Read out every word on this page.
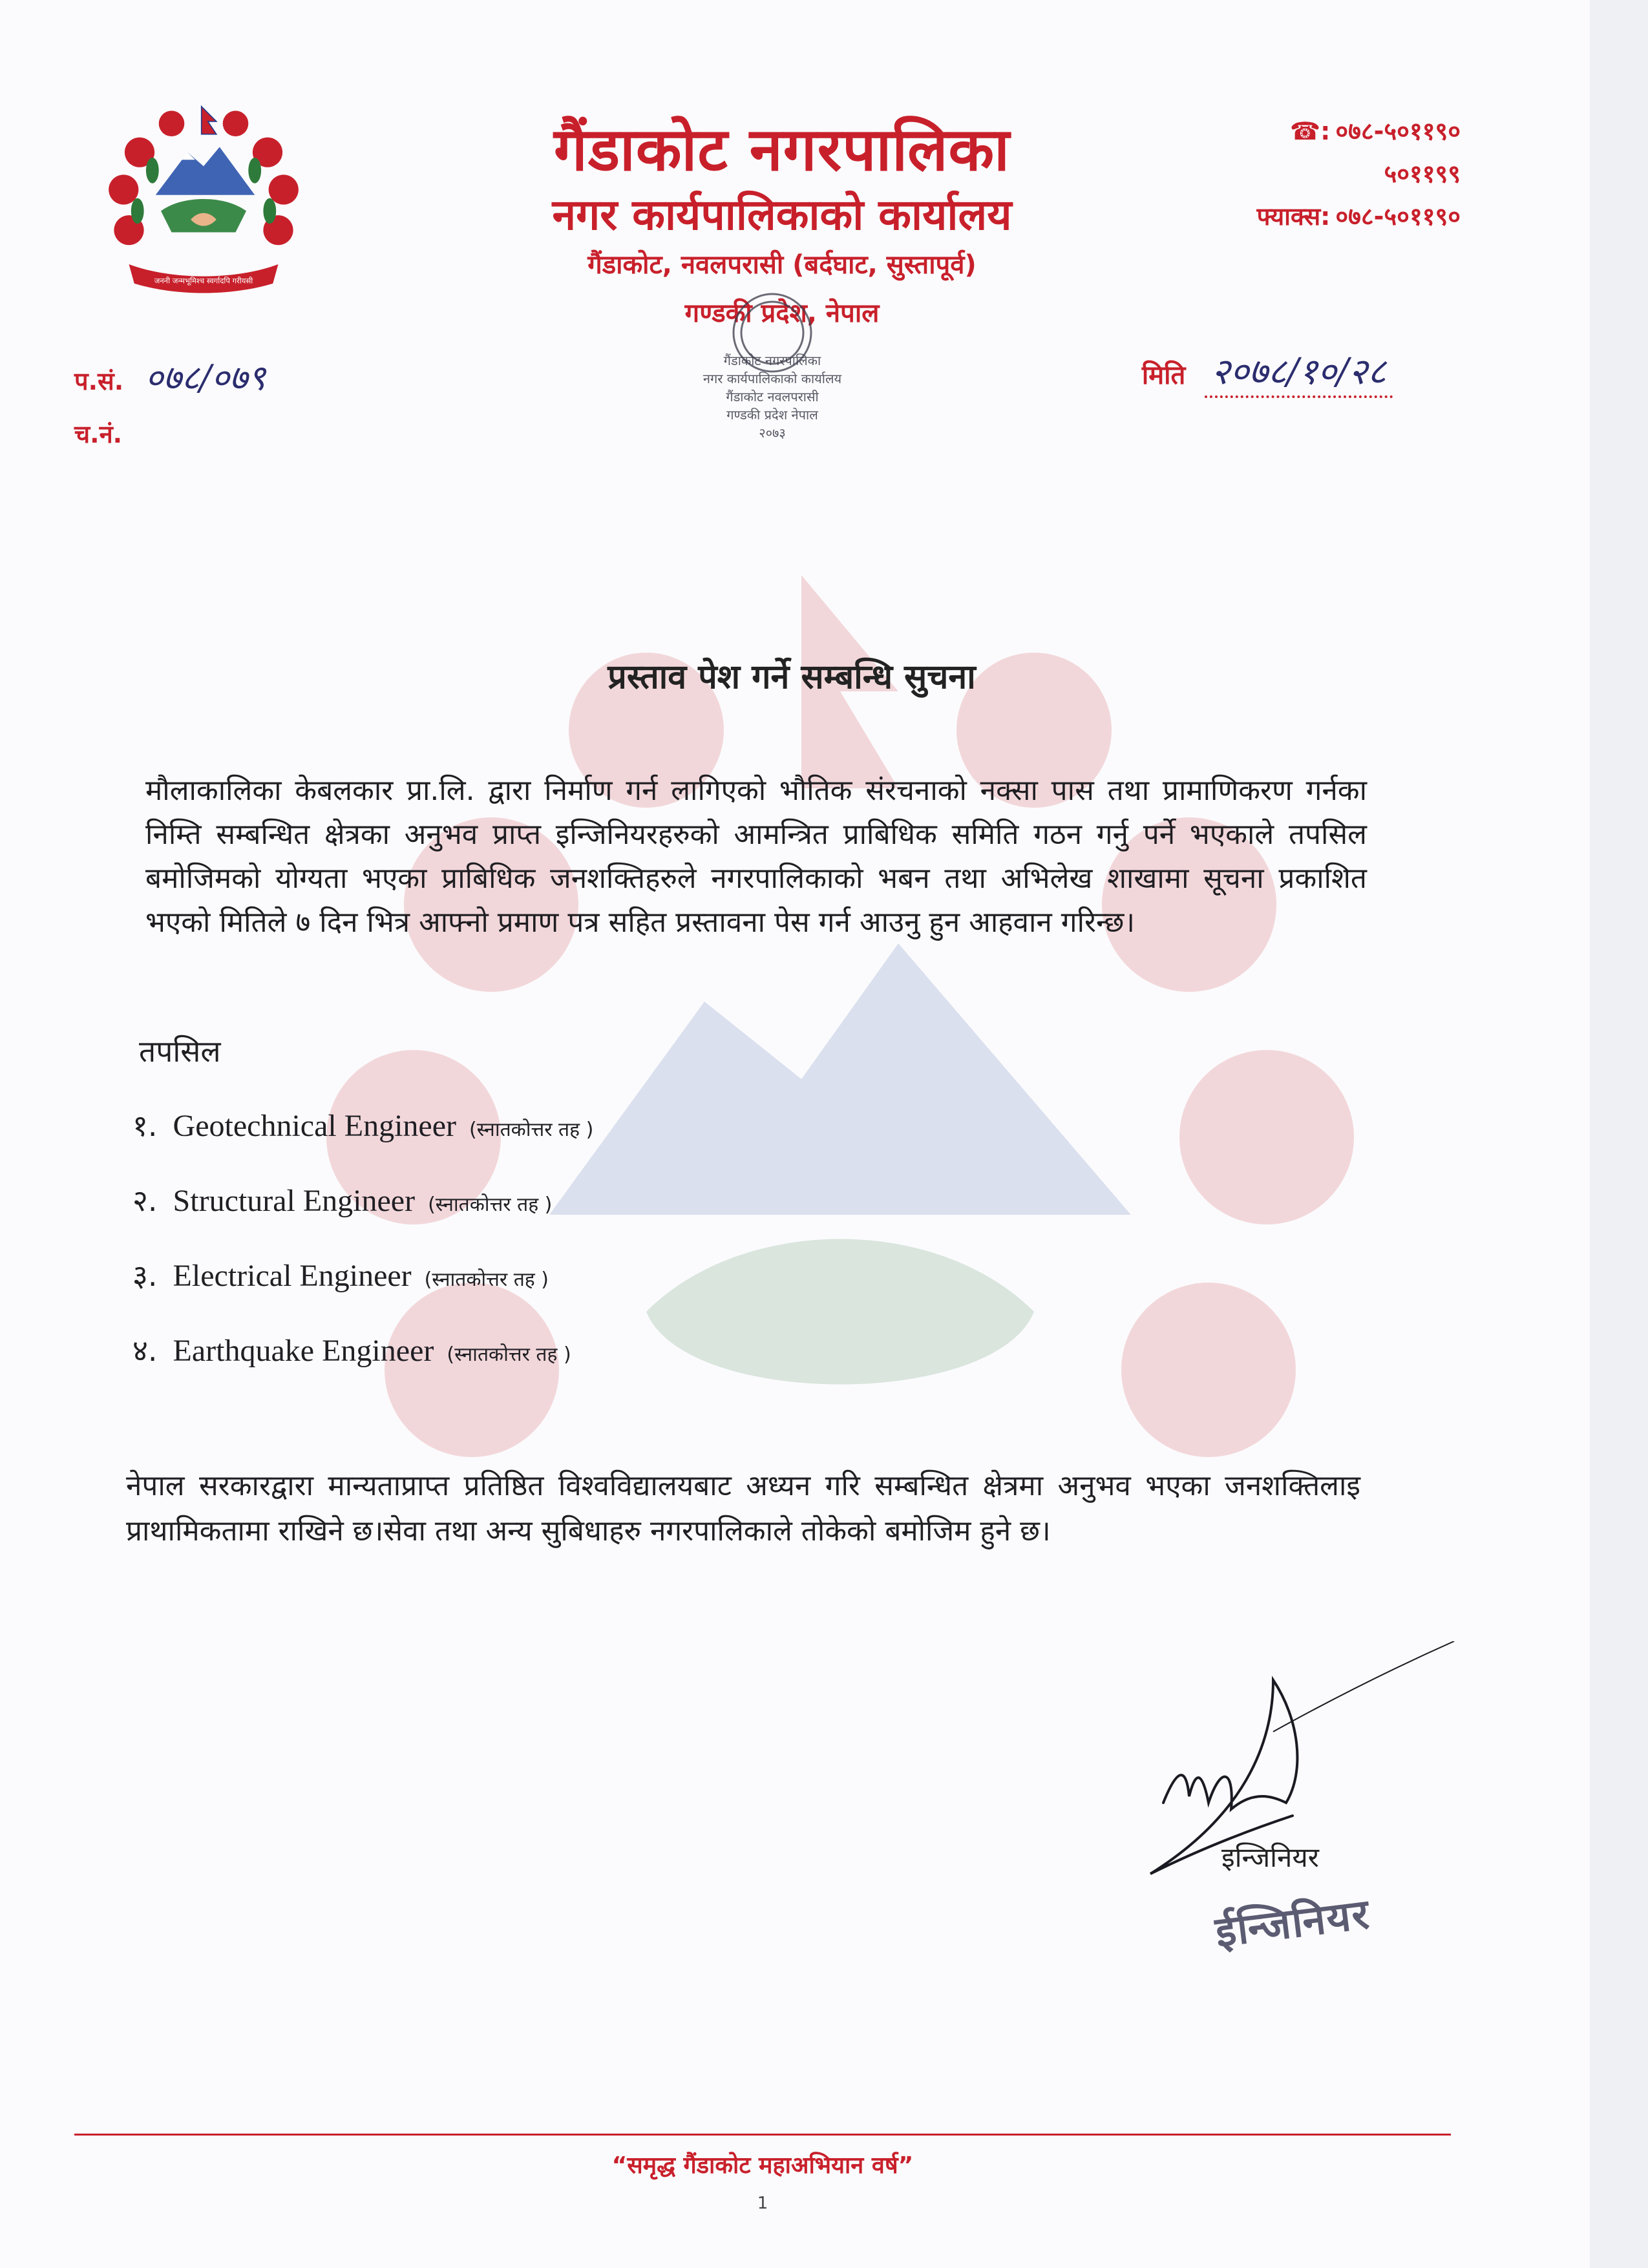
जननी जन्मभूमिश्च स्वर्गादपि गरीयसी
गैंडाकोट नगरपालिका
नगर कार्यपालिकाको कार्यालय
गैंडाकोट, नवलपरासी (बर्दघाट, सुस्तापूर्व)
गण्डकी प्रदेश, नेपाल
☎: ०७८-५०११९०
५०११९९
फ्याक्स: ०७८-५०११९०
प.सं. ०७८/०७९
च.नं.
मिति २०७८/१०/२८
गैंडाकोट नगरपालिका
नगर कार्यपालिकाको कार्यालय
गैंडाकोट नवलपरासी
गण्डकी प्रदेश नेपाल
२०७३
प्रस्ताव पेश गर्ने सम्बन्धि सुचना
मौलाकालिका केबलकार प्रा.लि. द्वारा निर्माण गर्न लागिएको भौतिक संरचनाको नक्सा पास तथा प्रामाणिकरण गर्नका निम्ति सम्बन्धित क्षेत्रका अनुभव प्राप्त इन्जिनियरहरुको आमन्त्रित प्राबिधिक समिति गठन गर्नु पर्ने भएकाले तपसिल बमोजिमको योग्यता भएका प्राबिधिक जनशक्तिहरुले नगरपालिकाको भबन तथा अभिलेख शाखामा सूचना प्रकाशित भएको मितिले ७ दिन भित्र आफ्नो प्रमाण पत्र सहित प्रस्तावना पेस गर्न आउनु हुन आहवान गरिन्छ।
तपसिल
१. Geotechnical Engineer (स्नातकोत्तर तह )
२. Structural Engineer (स्नातकोत्तर तह )
३. Electrical Engineer (स्नातकोत्तर तह )
४. Earthquake Engineer (स्नातकोत्तर तह )
नेपाल सरकारद्वारा मान्यताप्राप्त प्रतिष्ठित विश्वविद्यालयबाट अध्यन गरि सम्बन्धित क्षेत्रमा अनुभव भएका जनशक्तिलाइ प्राथामिकतामा राखिने छ।सेवा तथा अन्य सुबिधाहरु नगरपालिकाले तोकेको बमोजिम हुने छ।
इन्जिनियर
ईन्जिनियर
“समृद्ध गैंडाकोट महाअभियान वर्ष”
1
